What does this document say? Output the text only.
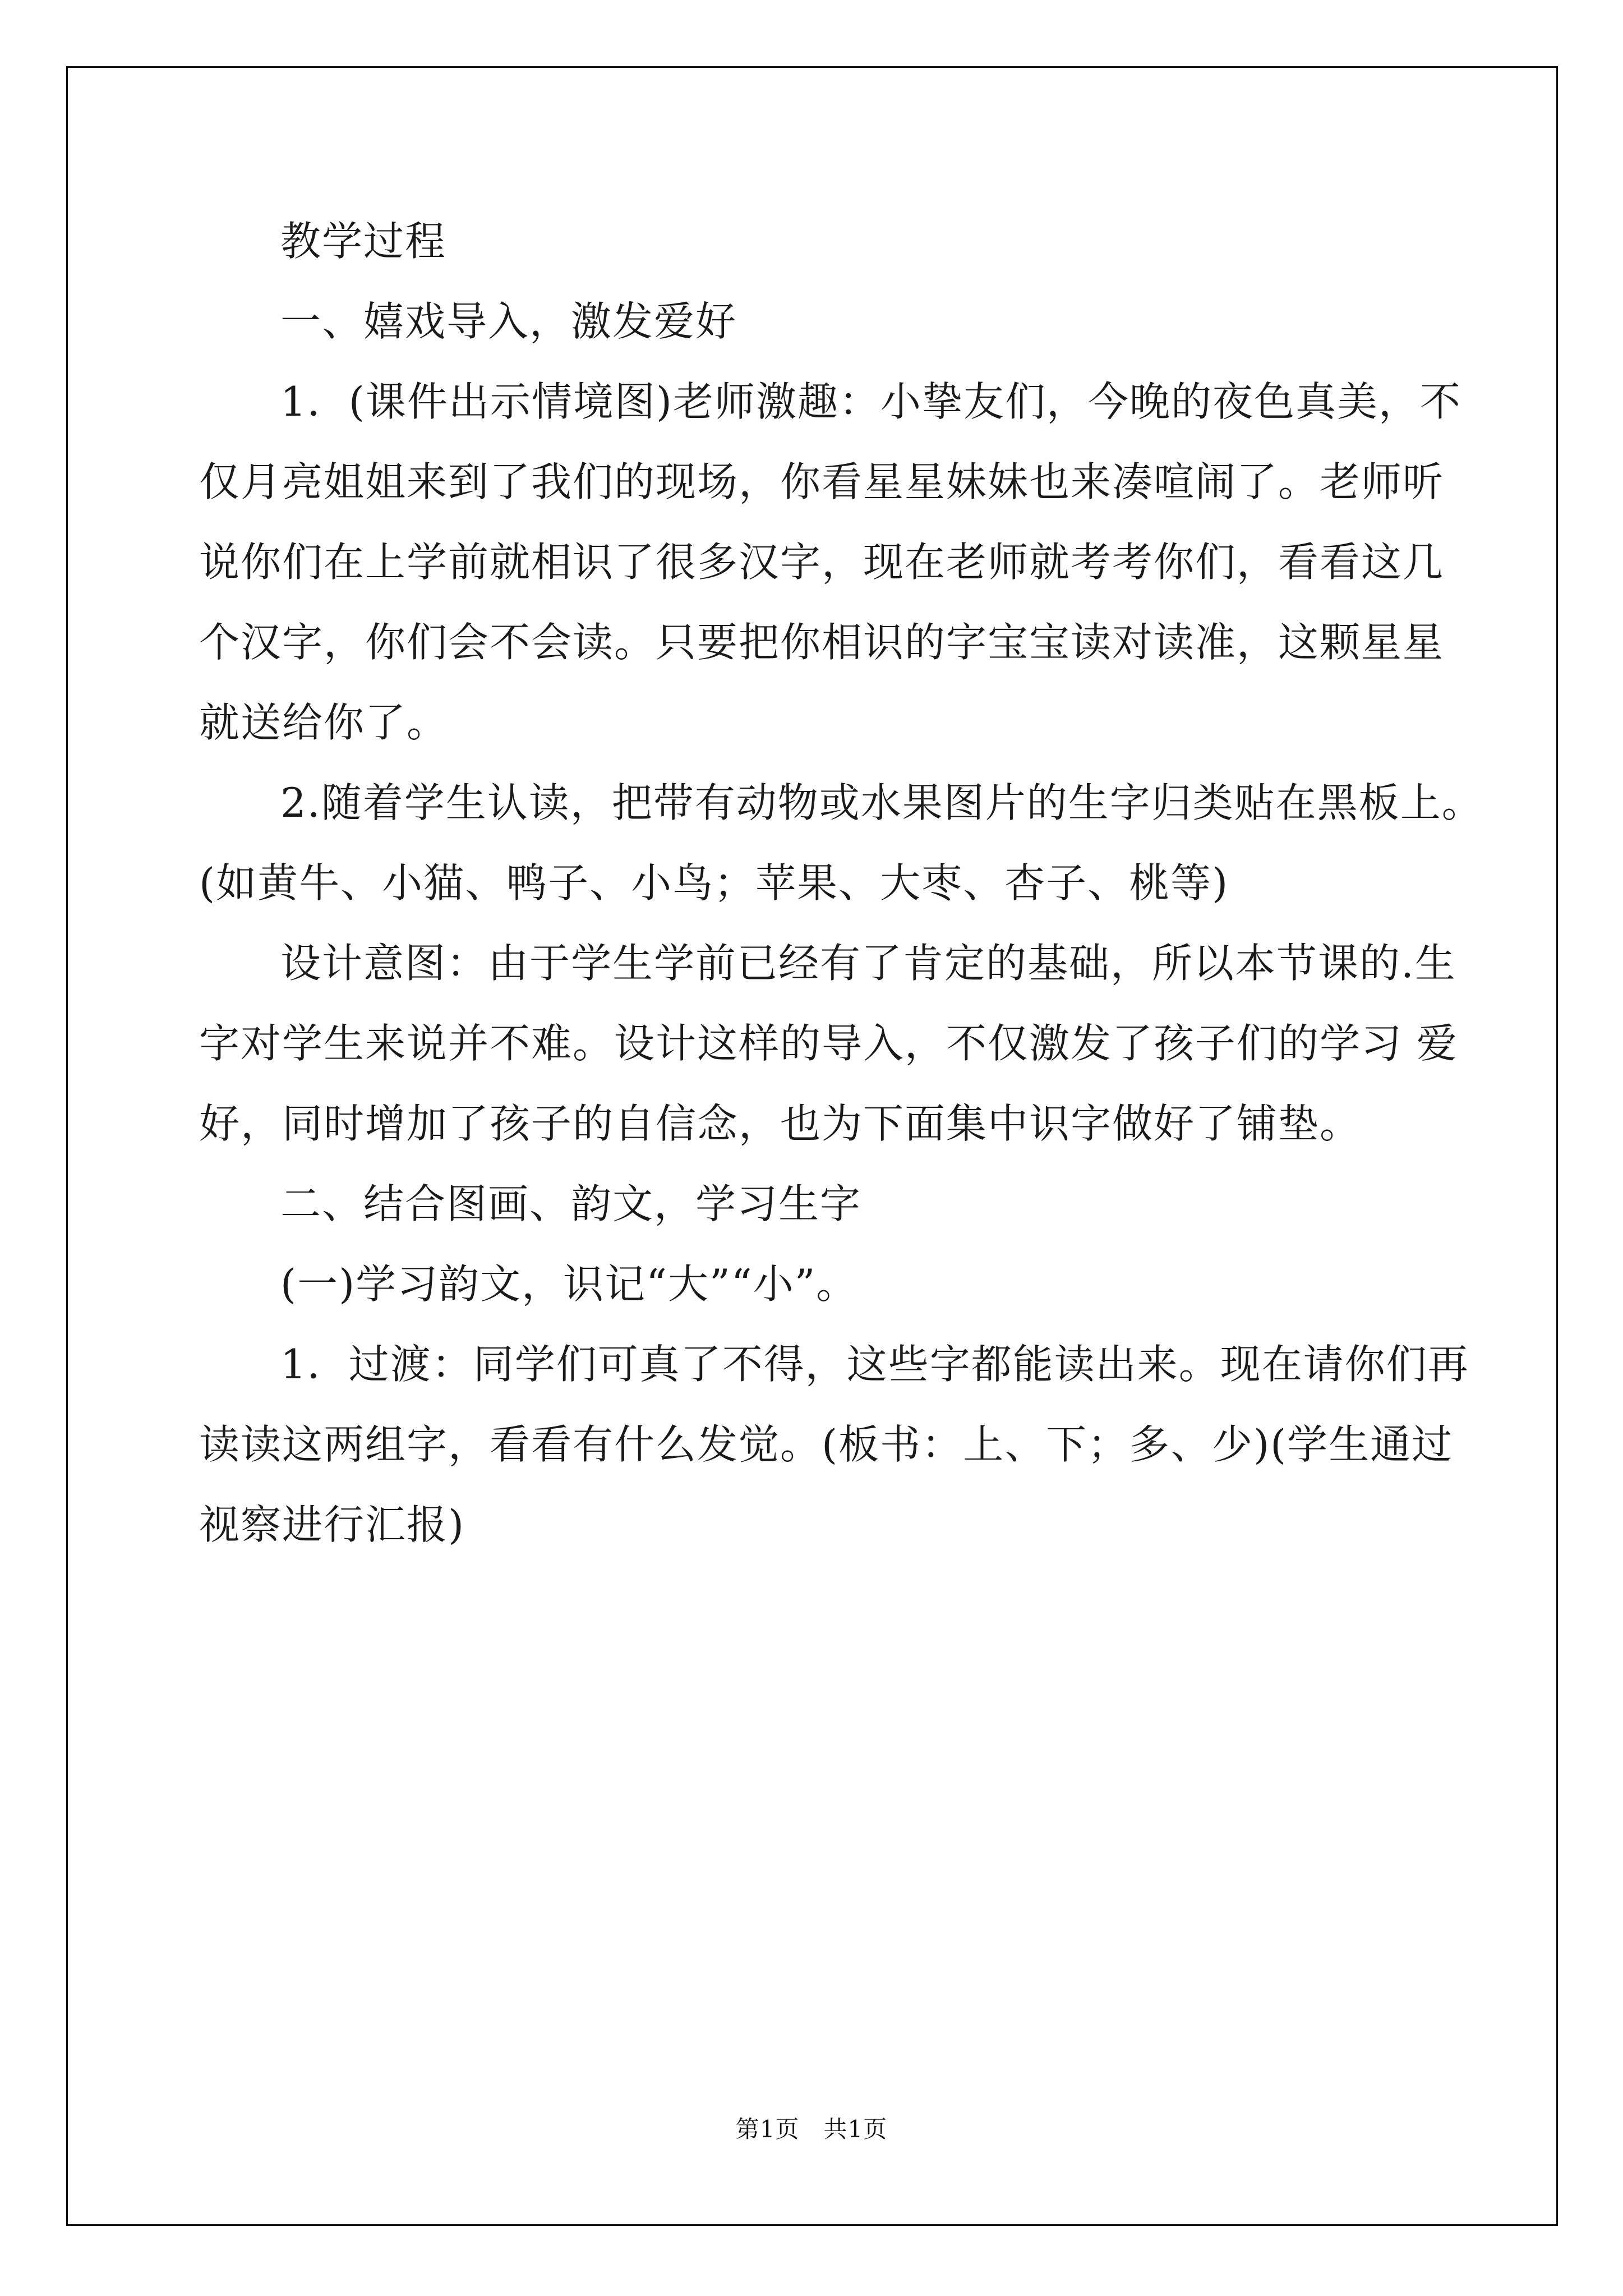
教学过程
一、嬉戏导入，激发爱好
1．(课件出示情境图)老师激趣：小挚友们，今晚的夜色真美，不
仅月亮姐姐来到了我们的现场，你看星星妹妹也来凑喧闹了。老师听
说你们在上学前就相识了很多汉字，现在老师就考考你们，看看这几
个汉字，你们会不会读。只要把你相识的字宝宝读对读准，这颗星星
就送给你了。
2.随着学生认读，把带有动物或水果图片的生字归类贴在黑板上。
(如黄牛、小猫、鸭子、小鸟；苹果、大枣、杏子、桃等)
设计意图：由于学生学前已经有了肯定的基础，所以本节课的.生
字对学生来说并不难。设计这样的导入，不仅激发了孩子们的学习 爱
好，同时增加了孩子的自信念，也为下面集中识字做好了铺垫。
二、结合图画、韵文，学习生字
(一)学习韵文，识记“大”“小”。
1．过渡：同学们可真了不得，这些字都能读出来。现在请你们再
读读这两组字，看看有什么发觉。(板书：上、下；多、少)(学生通过
视察进行汇报)
第1页　共1页
